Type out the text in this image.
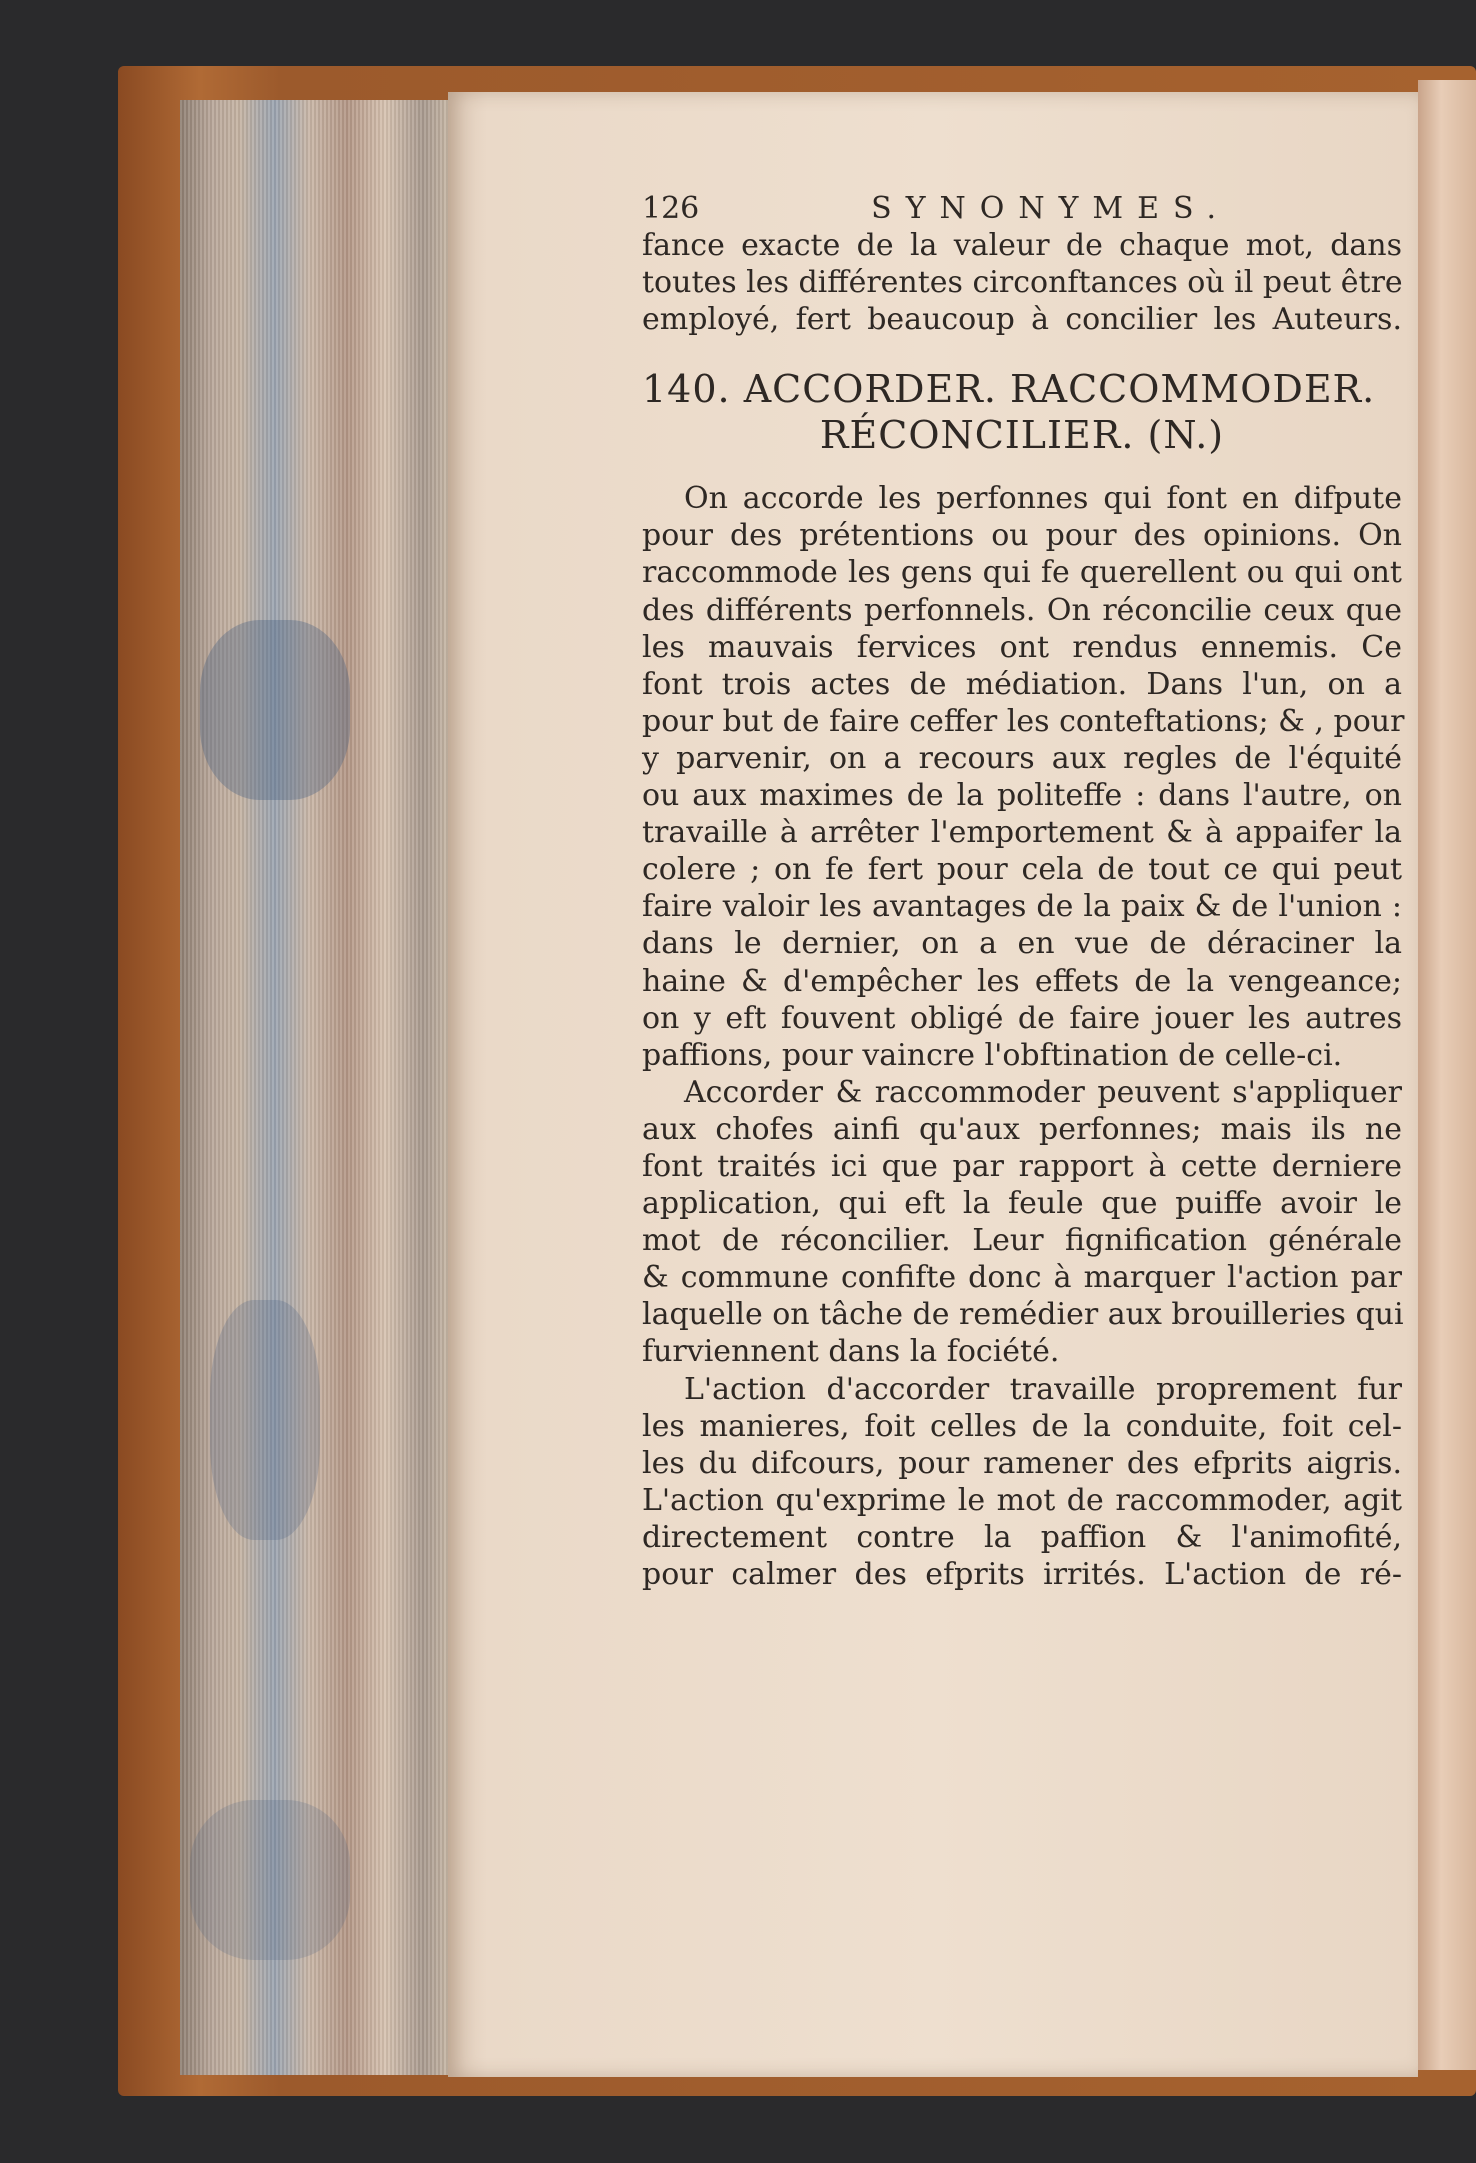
126	SYNONYMES.
fance exacte de la valeur de chaque mot, dans
toutes les différentes circonftances où il peut être
employé, fert beaucoup à concilier les Auteurs.
140. ACCORDER. RACCOMMODER.
RÉCONCILIER. (N.)
On accorde les perfonnes qui font en difpute
pour des prétentions ou pour des opinions. On
raccommode les gens qui fe querellent ou qui ont
des différents perfonnels. On réconcilie ceux que
les mauvais fervices ont rendus ennemis. Ce
font trois actes de médiation. Dans l'un, on a
pour but de faire ceffer les conteftations; & , pour
y parvenir, on a recours aux regles de l'équité
ou aux maximes de la politeffe : dans l'autre, on
travaille à arrêter l'emportement & à appaifer la
colere ; on fe fert pour cela de tout ce qui peut
faire valoir les avantages de la paix & de l'union :
dans le dernier, on a en vue de déraciner la
haine & d'empêcher les effets de la vengeance;
on y eft fouvent obligé de faire jouer les autres
paffions, pour vaincre l'obftination de celle-ci.
Accorder & raccommoder peuvent s'appliquer
aux chofes ainfi qu'aux perfonnes; mais ils ne
font traités ici que par rapport à cette derniere
application, qui eft la feule que puiffe avoir le
mot de réconcilier. Leur fignification générale
& commune confifte donc à marquer l'action par
laquelle on tâche de remédier aux brouilleries qui
furviennent dans la fociété.
L'action d'accorder travaille proprement fur
les manieres, foit celles de la conduite, foit cel-
les du difcours, pour ramener des efprits aigris.
L'action qu'exprime le mot de raccommoder, agit
directement contre la paffion & l'animofité,
pour calmer des efprits irrités. L'action de ré-
